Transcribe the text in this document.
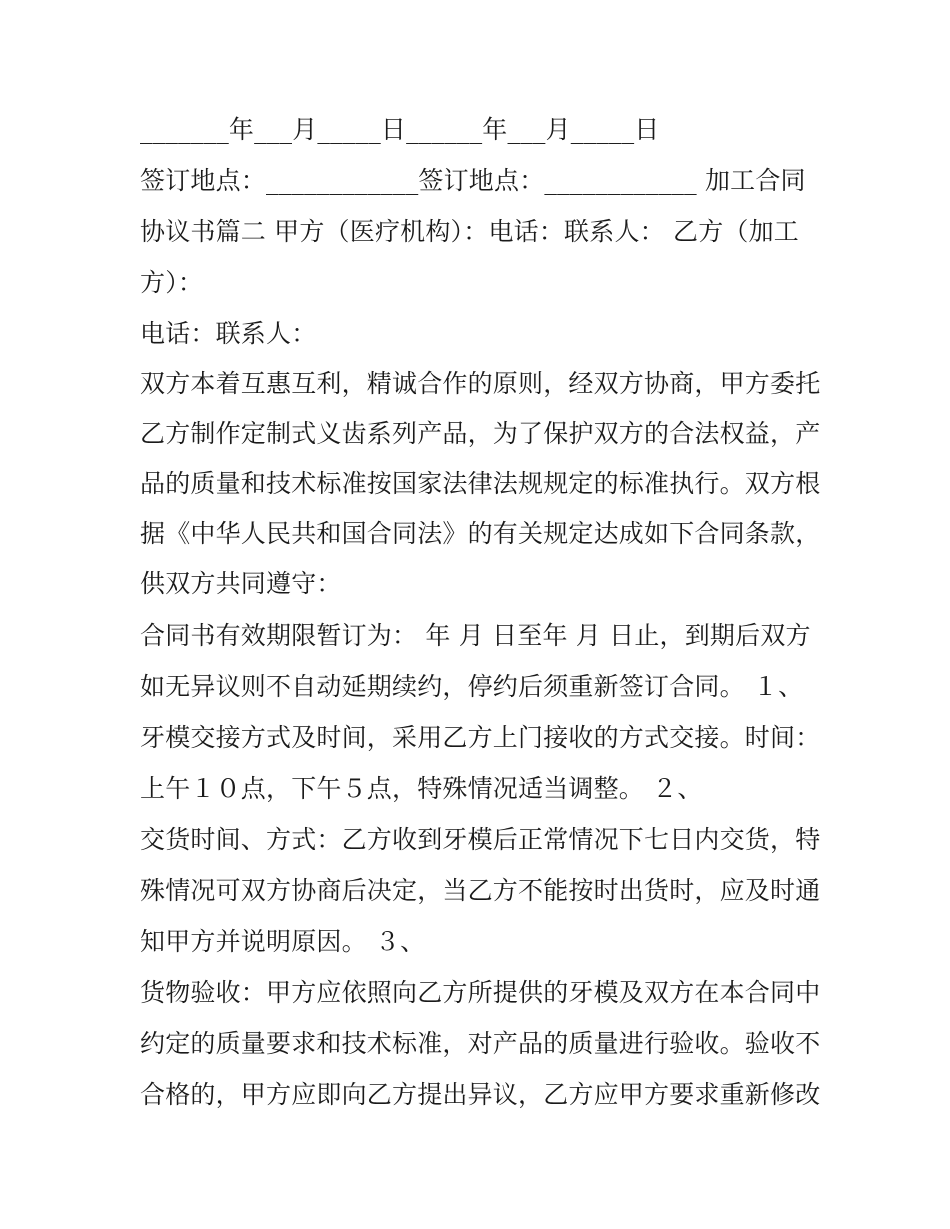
_______年___月_____日______年___月_____日
签订地点：____________签订地点：____________ 加工合同
协议书篇二 甲方（医疗机构）：电话：联系人： 乙方（加工
方）：
电话：联系人：
双方本着互惠互利，精诚合作的原则，经双方协商，甲方委托
乙方制作定制式义齿系列产品，为了保护双方的合法权益，产
品的质量和技术标准按国家法律法规规定的标准执行。双方根
据《中华人民共和国合同法》的有关规定达成如下合同条款，
供双方共同遵守：
合同书有效期限暂订为： 年 月 日至年 月 日止，到期后双方
如无异议则不自动延期续约，停约后须重新签订合同。 １、
牙模交接方式及时间，采用乙方上门接收的方式交接。时间：
上午１０点，下午５点，特殊情况适当调整。 ２、
交货时间、方式：乙方收到牙模后正常情况下七日内交货，特
殊情况可双方协商后决定，当乙方不能按时出货时，应及时通
知甲方并说明原因。 ３、
货物验收：甲方应依照向乙方所提供的牙模及双方在本合同中
约定的质量要求和技术标准，对产品的质量进行验收。验收不
合格的，甲方应即向乙方提出异议，乙方应甲方要求重新修改
